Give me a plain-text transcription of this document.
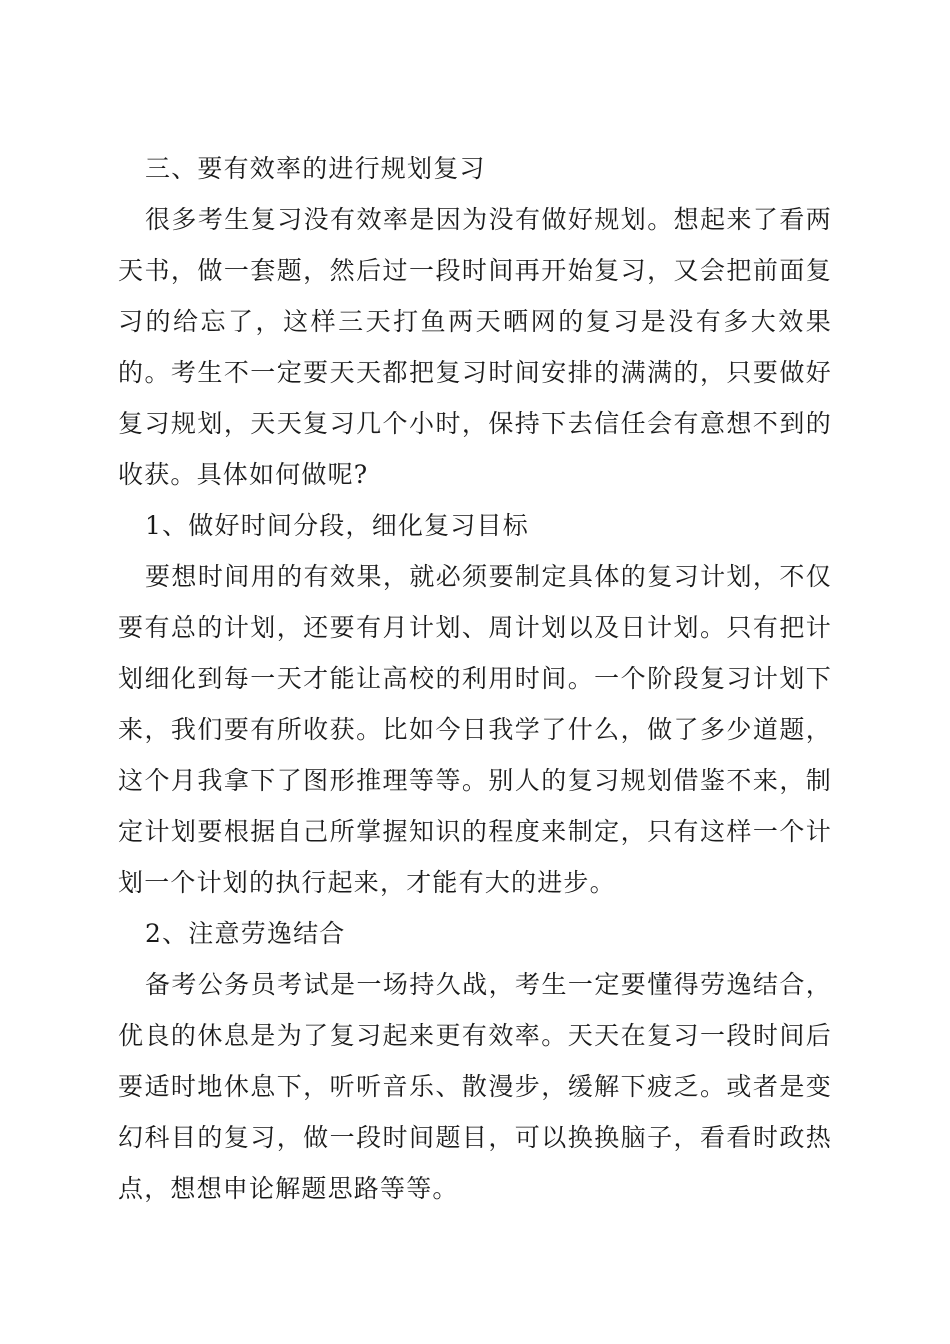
三、要有效率的进行规划复习

很多考生复习没有效率是因为没有做好规划。想起来了看两天书，做一套题，然后过一段时间再开始复习，又会把前面复习的给忘了，这样三天打鱼两天晒网的复习是没有多大效果的。考生不一定要天天都把复习时间安排的满满的，只要做好复习规划，天天复习几个小时，保持下去信任会有意想不到的收获。具体如何做呢?

1、做好时间分段，细化复习目标

要想时间用的有效果，就必须要制定具体的复习计划，不仅要有总的计划，还要有月计划、周计划以及日计划。只有把计划细化到每一天才能让高校的利用时间。一个阶段复习计划下来，我们要有所收获。比如今日我学了什么，做了多少道题，这个月我拿下了图形推理等等。别人的复习规划借鉴不来，制定计划要根据自己所掌握知识的程度来制定，只有这样一个计划一个计划的执行起来，才能有大的进步。

2、注意劳逸结合

备考公务员考试是一场持久战，考生一定要懂得劳逸结合，优良的休息是为了复习起来更有效率。天天在复习一段时间后要适时地休息下，听听音乐、散漫步，缓解下疲乏。或者是变幻科目的复习，做一段时间题目，可以换换脑子，看看时政热点，想想申论解题思路等等。
